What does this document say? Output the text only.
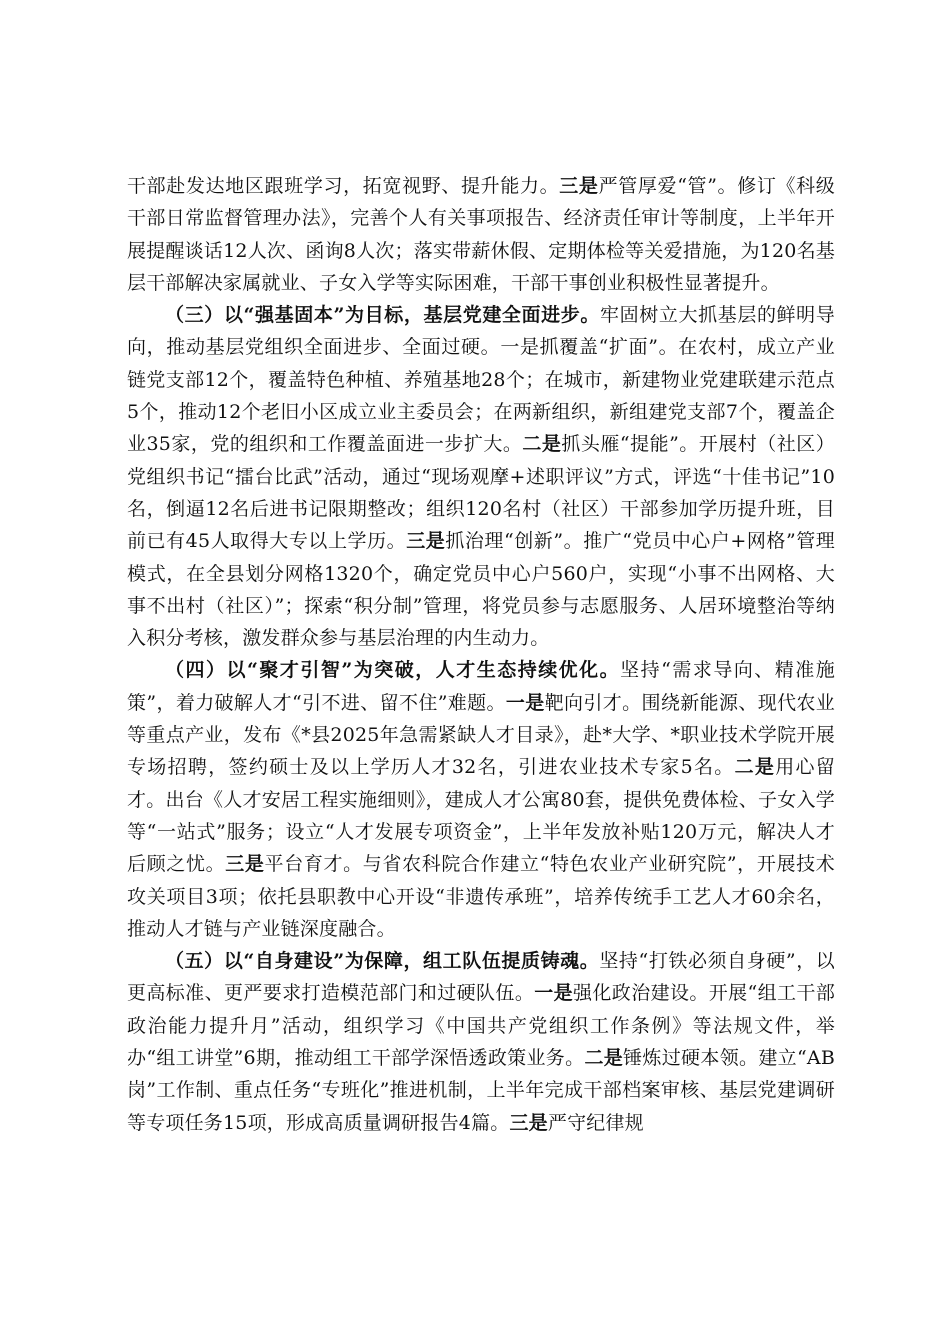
干部赴发达地区跟班学习，拓宽视野、提升能力。三是严管厚爱“管”。修订《科级干部日常监督管理办法》，完善个人有关事项报告、经济责任审计等制度，上半年开展提醒谈话12人次、函询8人次；落实带薪休假、定期体检等关爱措施，为120名基层干部解决家属就业、子女入学等实际困难，干部干事创业积极性显著提升。

（三）以“强基固本”为目标，基层党建全面进步。牢固树立大抓基层的鲜明导向，推动基层党组织全面进步、全面过硬。一是抓覆盖“扩面”。在农村，成立产业链党支部12个，覆盖特色种植、养殖基地28个；在城市，新建物业党建联建示范点5个，推动12个老旧小区成立业主委员会；在两新组织，新组建党支部7个，覆盖企业35家，党的组织和工作覆盖面进一步扩大。二是抓头雁“提能”。开展村（社区）党组织书记“擂台比武”活动，通过“现场观摩+述职评议”方式，评选“十佳书记”10名，倒逼12名后进书记限期整改；组织120名村（社区）干部参加学历提升班，目前已有45人取得大专以上学历。三是抓治理“创新”。推广“党员中心户+网格”管理模式，在全县划分网格1320个，确定党员中心户560户，实现“小事不出网格、大事不出村（社区）”；探索“积分制”管理，将党员参与志愿服务、人居环境整治等纳入积分考核，激发群众参与基层治理的内生动力。

（四）以“聚才引智”为突破，人才生态持续优化。坚持“需求导向、精准施策”，着力破解人才“引不进、留不住”难题。一是靶向引才。围绕新能源、现代农业等重点产业，发布《*县2025年急需紧缺人才目录》，赴*大学、*职业技术学院开展专场招聘，签约硕士及以上学历人才32名，引进农业技术专家5名。二是用心留才。出台《人才安居工程实施细则》，建成人才公寓80套，提供免费体检、子女入学等“一站式”服务；设立“人才发展专项资金”，上半年发放补贴120万元，解决人才后顾之忧。三是平台育才。与省农科院合作建立“特色农业产业研究院”，开展技术攻关项目3项；依托县职教中心开设“非遗传承班”，培养传统手工艺人才60余名，推动人才链与产业链深度融合。

（五）以“自身建设”为保障，组工队伍提质铸魂。坚持“打铁必须自身硬”，以更高标准、更严要求打造模范部门和过硬队伍。一是强化政治建设。开展“组工干部政治能力提升月”活动，组织学习《中国共产党组织工作条例》等法规文件，举办“组工讲堂”6期，推动组工干部学深悟透政策业务。二是锤炼过硬本领。建立“AB岗”工作制、重点任务“专班化”推进机制，上半年完成干部档案审核、基层党建调研等专项任务15项，形成高质量调研报告4篇。三是严守纪律规
